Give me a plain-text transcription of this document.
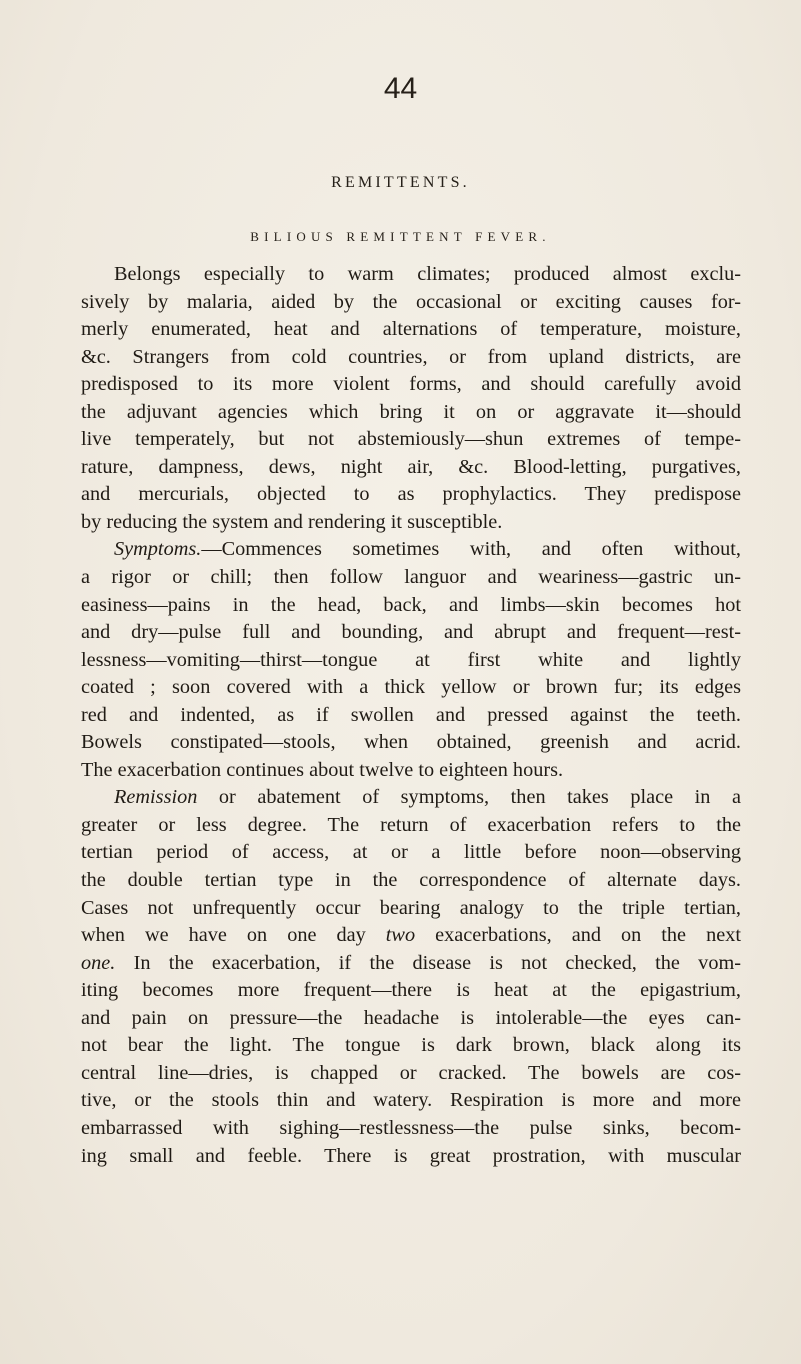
44
REMITTENTS.
BILIOUS REMITTENT FEVER.
Belongs especially to warm climates; produced almost exclu-
sively by malaria, aided by the occasional or exciting causes for-
merly enumerated, heat and alternations of temperature, moisture,
&c. Strangers from cold countries, or from upland districts, are
predisposed to its more violent forms, and should carefully avoid
the adjuvant agencies which bring it on or aggravate it—should
live temperately, but not abstemiously—shun extremes of tempe-
rature, dampness, dews, night air, &c. Blood-letting, purgatives,
and mercurials, objected to as prophylactics. They predispose
by reducing the system and rendering it susceptible.
Symptoms.—Commences sometimes with, and often without,
a rigor or chill; then follow languor and weariness—gastric un-
easiness—pains in the head, back, and limbs—skin becomes hot
and dry—pulse full and bounding, and abrupt and frequent—rest-
lessness—vomiting—thirst—tongue at first white and lightly
coated ; soon covered with a thick yellow or brown fur; its edges
red and indented, as if swollen and pressed against the teeth.
Bowels constipated—stools, when obtained, greenish and acrid.
The exacerbation continues about twelve to eighteen hours.
Remission or abatement of symptoms, then takes place in a
greater or less degree. The return of exacerbation refers to the
tertian period of access, at or a little before noon—observing
the double tertian type in the correspondence of alternate days.
Cases not unfrequently occur bearing analogy to the triple tertian,
when we have on one day two exacerbations, and on the next
one. In the exacerbation, if the disease is not checked, the vom-
iting becomes more frequent—there is heat at the epigastrium,
and pain on pressure—the headache is intolerable—the eyes can-
not bear the light. The tongue is dark brown, black along its
central line—dries, is chapped or cracked. The bowels are cos-
tive, or the stools thin and watery. Respiration is more and more
embarrassed with sighing—restlessness—the pulse sinks, becom-
ing small and feeble. There is great prostration, with muscular
